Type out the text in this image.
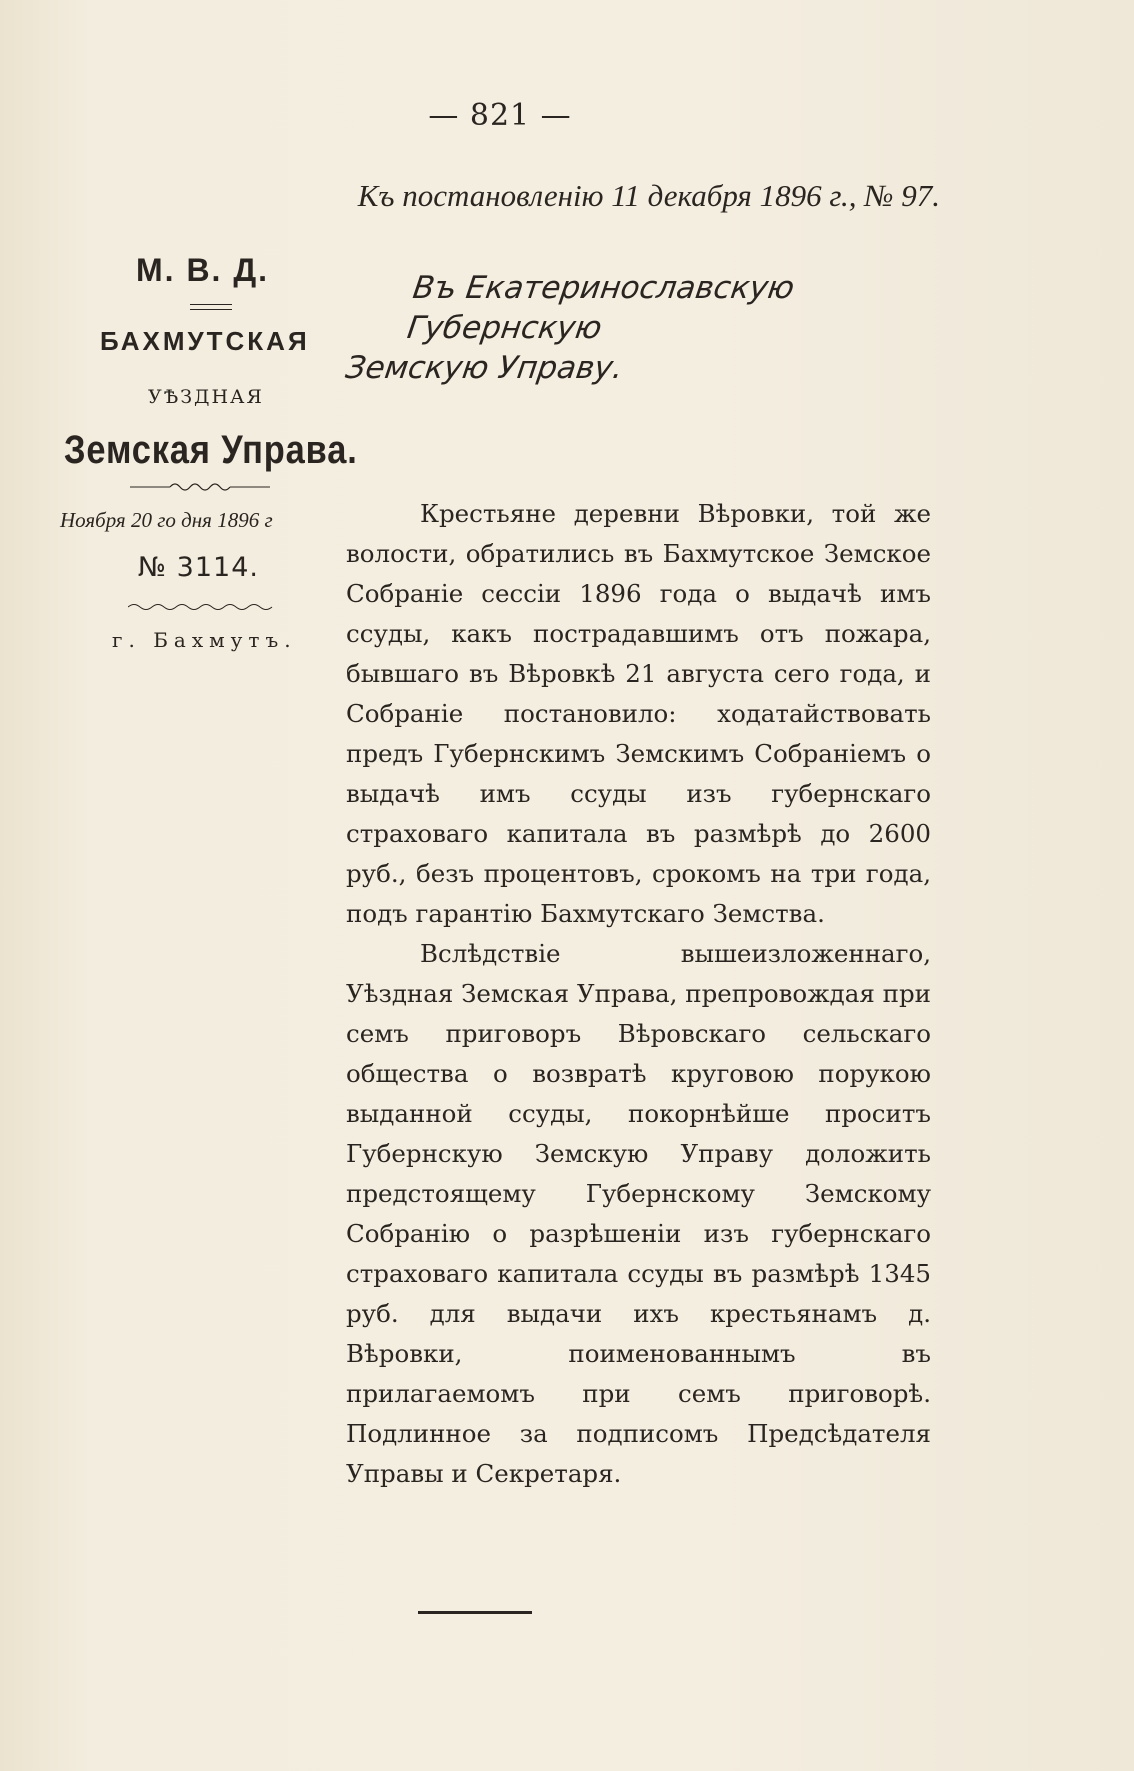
— 821 —
Къ постановленію 11 декабря 1896 г., № 97.
М. В. Д.
БАХМУТСКАЯ
УѢЗДНАЯ
Земская Управа.
Ноября 20 го дня 1896 г
№ 3114.
г. Бахмутъ.
Въ Екатеринославскую Губернскую
Земскую Управу.

Крестьяне деревни Вѣровки, той же волости, обратились въ Бахмутское Земское Собраніе сессіи 1896 года о выдачѣ имъ ссуды, какъ пострадавшимъ отъ пожара, бывшаго въ Вѣровкѣ 21 августа сего года, и Собраніе постановило: ходатайствовать предъ Губернскимъ Земскимъ Собраніемъ о выдачѣ имъ ссуды изъ губернскаго страховаго капитала въ размѣрѣ до 2600 руб., безъ процентовъ, срокомъ на три года, подъ гарантію Бахмутскаго Земства.

Вслѣдствіе вышеизложеннаго, Уѣздная Земская Управа, препровождая при семъ приговоръ Вѣровскаго сельскаго общества о возвратѣ круговою порукою выданной ссуды, покорнѣйше проситъ Губернскую Земскую Управу доложить предстоящему Губернскому Земскому Собранію о разрѣшеніи изъ губернскаго страховаго капитала ссуды въ размѣрѣ 1345 руб. для выдачи ихъ крестьянамъ д. Вѣровки, поименованнымъ въ прилагаемомъ при семъ приговорѣ. Подлинное за подписомъ Предсѣдателя Управы и Секретаря.
